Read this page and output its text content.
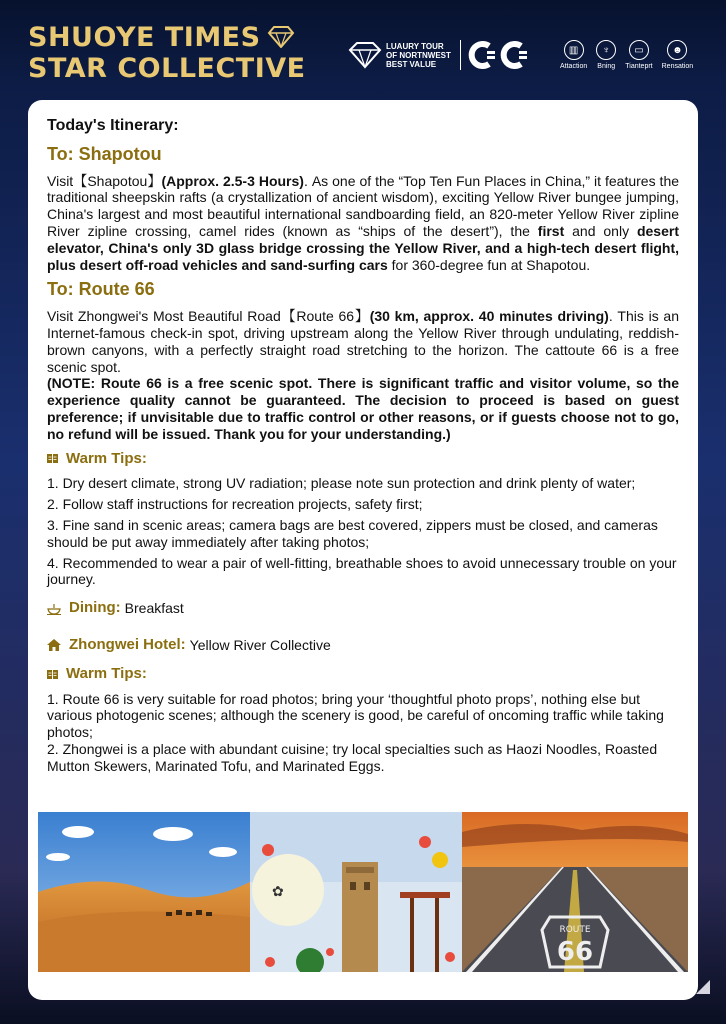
SHUOYE TIMES
STAR COLLECTIVE
LUAURY TOUR
OF NORTNWEST
BEST VALUE
▥
Attaction
♆
Bning
▭
Tianteprt
☻
Rensation
Today's Itinerary:
To: Shapotou

Visit【Shapotou】(Approx. 2.5-3 Hours). As one of the “Top Ten Fun Places in China,” it features the traditional sheepskin rafts (a crystallization of ancient wisdom), exciting Yellow River bungee jumping, China's largest and most beautiful international sandboarding field, an 820-meter Yellow River zipline River zipline crossing, camel rides (known as “ships of the desert”), the first and only desert elevator, China's only 3D glass bridge crossing the Yellow River, and a high-tech desert flight, plus desert off-road vehicles and sand-surfing cars for 360-degree fun at Shapotou.

To: Route 66

Visit Zhongwei's Most Beautiful Road【Route 66】(30 km, approx. 40 minutes driving). This is an Internet-famous check-in spot, driving upstream along the Yellow River through undulating, reddish-brown canyons, with a perfectly straight road stretching to the horizon. The cattoute 66 is a free scenic spot.

(NOTE: Route 66 is a free scenic spot. There is significant traffic and visitor volume, so the experience quality cannot be guaranteed. The decision to proceed is based on guest preference; if unvisitable due to traffic control or other reasons, or if guests choose not to go, no refund will be issued. Thank you for your understanding.)

Warm Tips:
1. Dry desert climate, strong UV radiation; please note sun protection and drink plenty of water;
2. Follow staff instructions for recreation projects, safety first;
3. Fine sand in scenic areas; camera bags are best covered, zippers must be closed, and cameras should be put away immediately after taking photos;
4. Recommended to wear a pair of well-fitting, breathable shoes to avoid unnecessary trouble on your journey.
Dining: Breakfast
Zhongwei Hotel: Yellow River Collective
Warm Tips:
1. Route 66 is very suitable for road photos; bring your ‘thoughtful photo props’, nothing else but various photogenic scenes; although the scenery is good, be careful of oncoming traffic while taking photos;
2. Zhongwei is a place with abundant cuisine; try local specialties such as Haozi Noodles, Roasted Mutton Skewers, Marinated Tofu, and Marinated Eggs.
✿
ROUTE
66
